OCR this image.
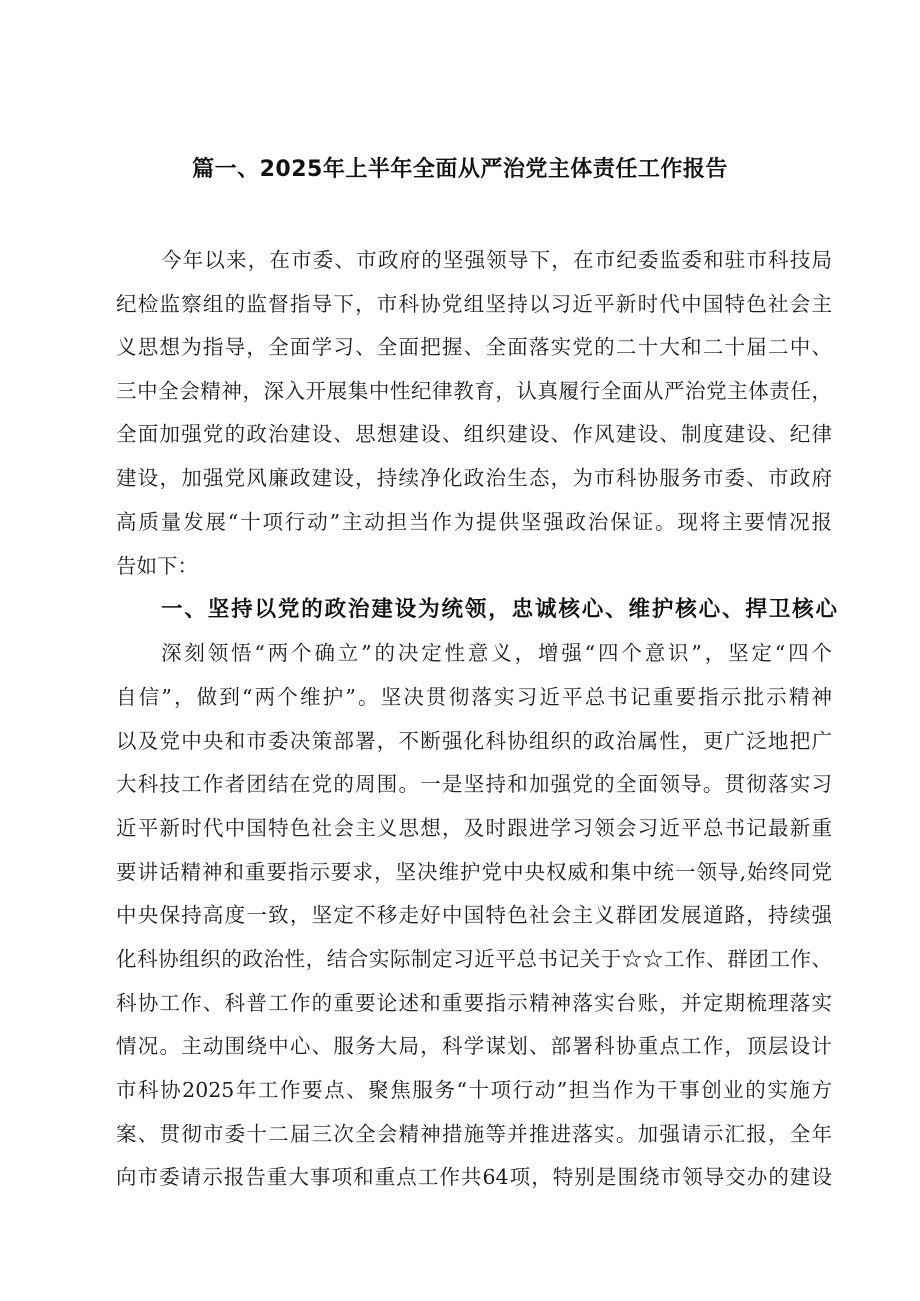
篇一、2025年上半年全面从严治党主体责任工作报告
今年以来，在市委、市政府的坚强领导下，在市纪委监委和驻市科技局
纪检监察组的监督指导下，市科协党组坚持以习近平新时代中国特色社会主
义思想为指导，全面学习、全面把握、全面落实党的二十大和二十届二中、
三中全会精神，深入开展集中性纪律教育，认真履行全面从严治党主体责任，
全面加强党的政治建设、思想建设、组织建设、作风建设、制度建设、纪律
建设，加强党风廉政建设，持续净化政治生态，为市科协服务市委、市政府
高质量发展“十项行动”主动担当作为提供坚强政治保证。现将主要情况报
告如下：
一、坚持以党的政治建设为统领，忠诚核心、维护核心、捍卫核心
深刻领悟“两个确立”的决定性意义，增强“四个意识”，坚定“四个
自信”，做到“两个维护”。坚决贯彻落实习近平总书记重要指示批示精神
以及党中央和市委决策部署，不断强化科协组织的政治属性，更广泛地把广
大科技工作者团结在党的周围。一是坚持和加强党的全面领导。贯彻落实习
近平新时代中国特色社会主义思想，及时跟进学习领会习近平总书记最新重
要讲话精神和重要指示要求，坚决维护党中央权威和集中统一领导,始终同党
中央保持高度一致，坚定不移走好中国特色社会主义群团发展道路，持续强
化科协组织的政治性，结合实际制定习近平总书记关于☆☆工作、群团工作、
科协工作、科普工作的重要论述和重要指示精神落实台账，并定期梳理落实
情况。主动围绕中心、服务大局，科学谋划、部署科协重点工作，顶层设计
市科协2025年工作要点、聚焦服务“十项行动”担当作为干事创业的实施方
案、贯彻市委十二届三次全会精神措施等并推进落实。加强请示汇报，全年
向市委请示报告重大事项和重点工作共64项，特别是围绕市领导交办的建设
